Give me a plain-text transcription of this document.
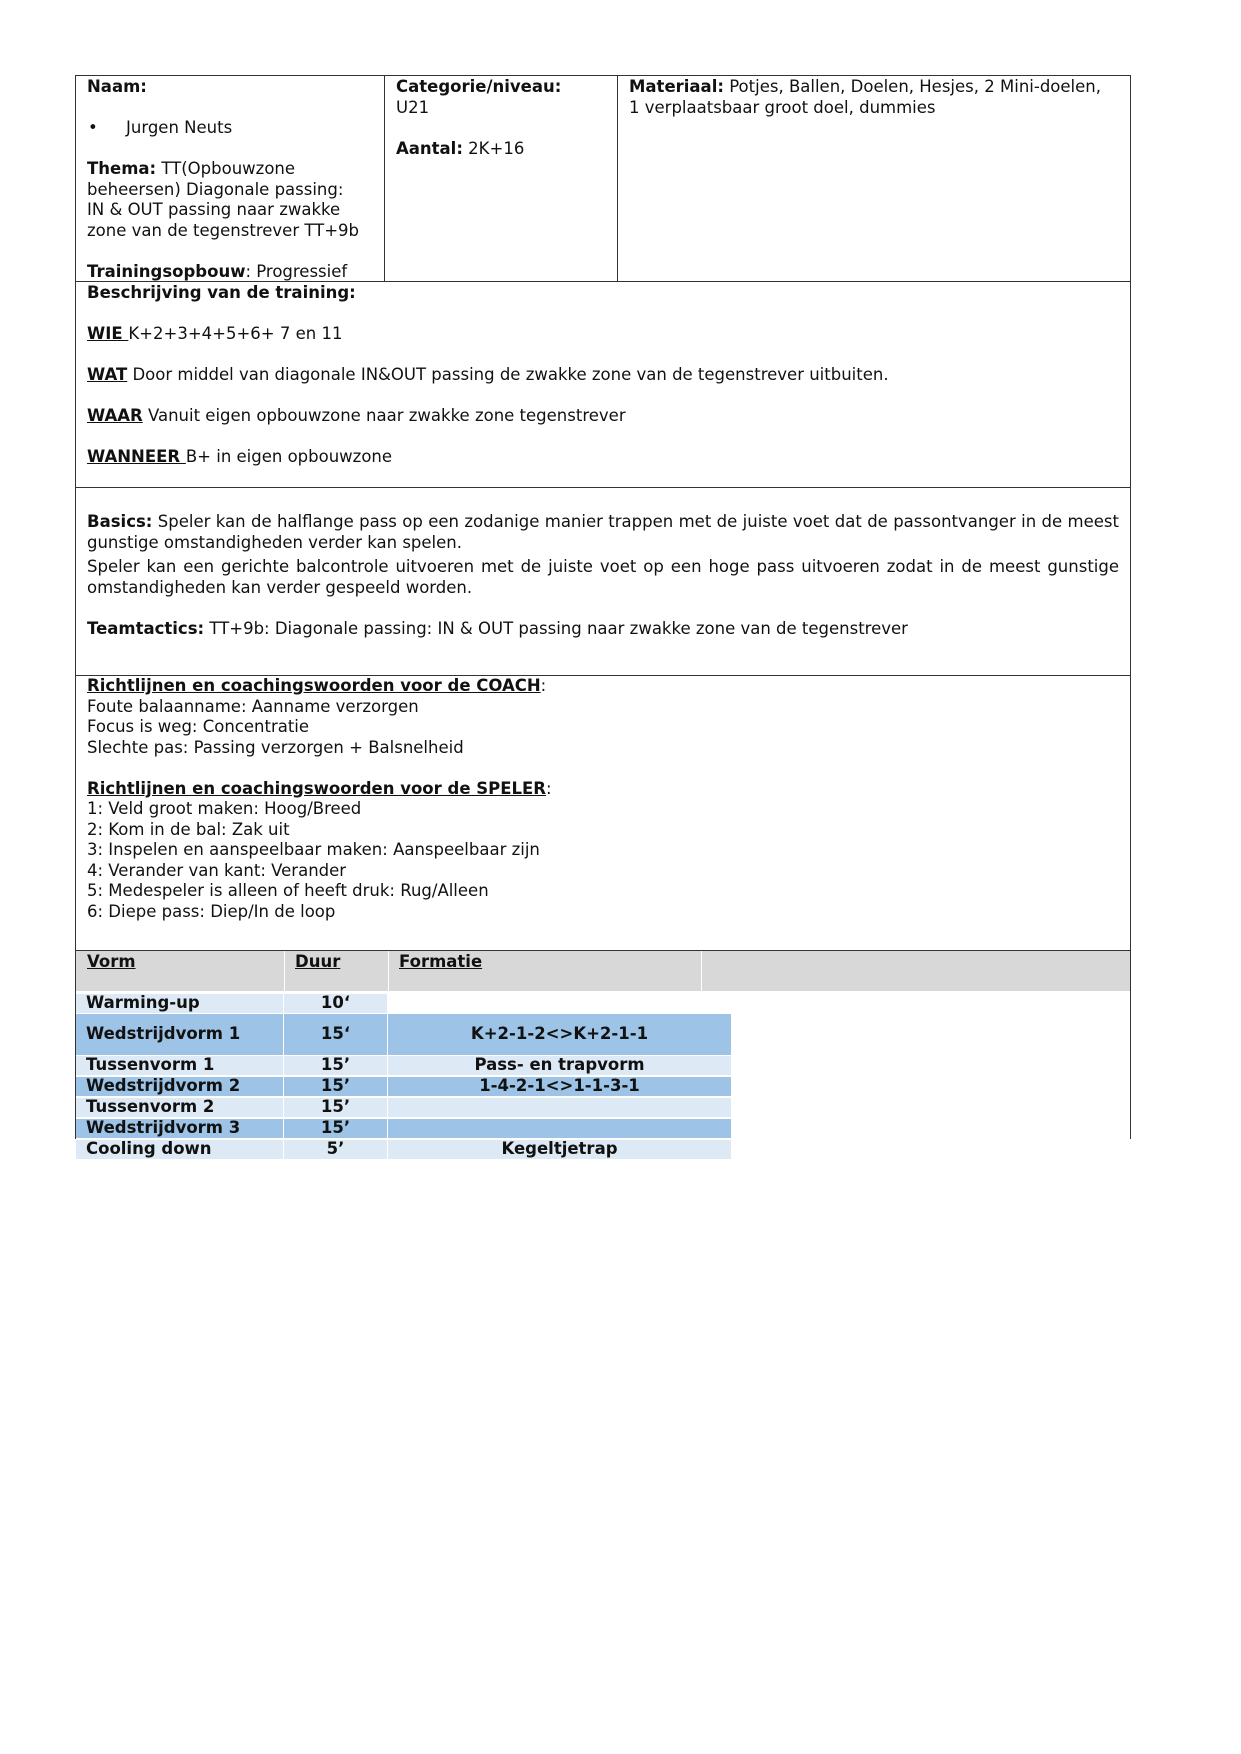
Naam:

•	Jurgen Neuts

Thema: TT(Opbouwzone

beheersen) Diagonale passing:

IN & OUT passing naar zwakke

zone van de tegenstrever TT+9b

Trainingsopbouw: Progressief

Categorie/niveau:

U21

Aantal: 2K+16

Materiaal: Potjes, Ballen, Doelen, Hesjes, 2 Mini-doelen,

1 verplaatsbaar groot doel, dummies

Beschrijving van de training:

WIE K+2+3+4+5+6+ 7 en 11

WAT Door middel van diagonale IN&OUT passing de zwakke zone van de tegenstrever uitbuiten.

WAAR Vanuit eigen opbouwzone naar zwakke zone tegenstrever

WANNEER B+ in eigen opbouwzone

Basics: Speler kan de halflange pass op een zodanige manier trappen met de juiste voet dat de passontvanger in de meest gunstige omstandigheden verder kan spelen.

Speler kan een gerichte balcontrole uitvoeren met de juiste voet op een hoge pass uitvoeren zodat in de meest gunstige omstandigheden kan verder gespeeld worden.

Teamtactics: TT+9b: Diagonale passing: IN & OUT passing naar zwakke zone van de tegenstrever

Richtlijnen en coachingswoorden voor de COACH:

Foute balaanname: Aanname verzorgen

Focus is weg: Concentratie

Slechte pas: Passing verzorgen + Balsnelheid

Richtlijnen en coachingswoorden voor de SPELER:

1: Veld groot maken: Hoog/Breed

2: Kom in de bal: Zak uit

3: Inspelen en aanspeelbaar maken: Aanspeelbaar zijn

4: Verander van kant: Verander

5: Medespeler is alleen of heeft druk: Rug/Alleen

6: Diepe pass: Diep/In de loop

Vorm	Duur	Formatie
Warming-up	10‘
Wedstrijdvorm 1	15‘	K+2-1-2<>K+2-1-1
Tussenvorm 1	15’	Pass- en trapvorm
Wedstrijdvorm 2	15’	1-4-2-1<>1-1-3-1
Tussenvorm 2	15’
Wedstrijdvorm 3	15’
Cooling down	5’	Kegeltjetrap
